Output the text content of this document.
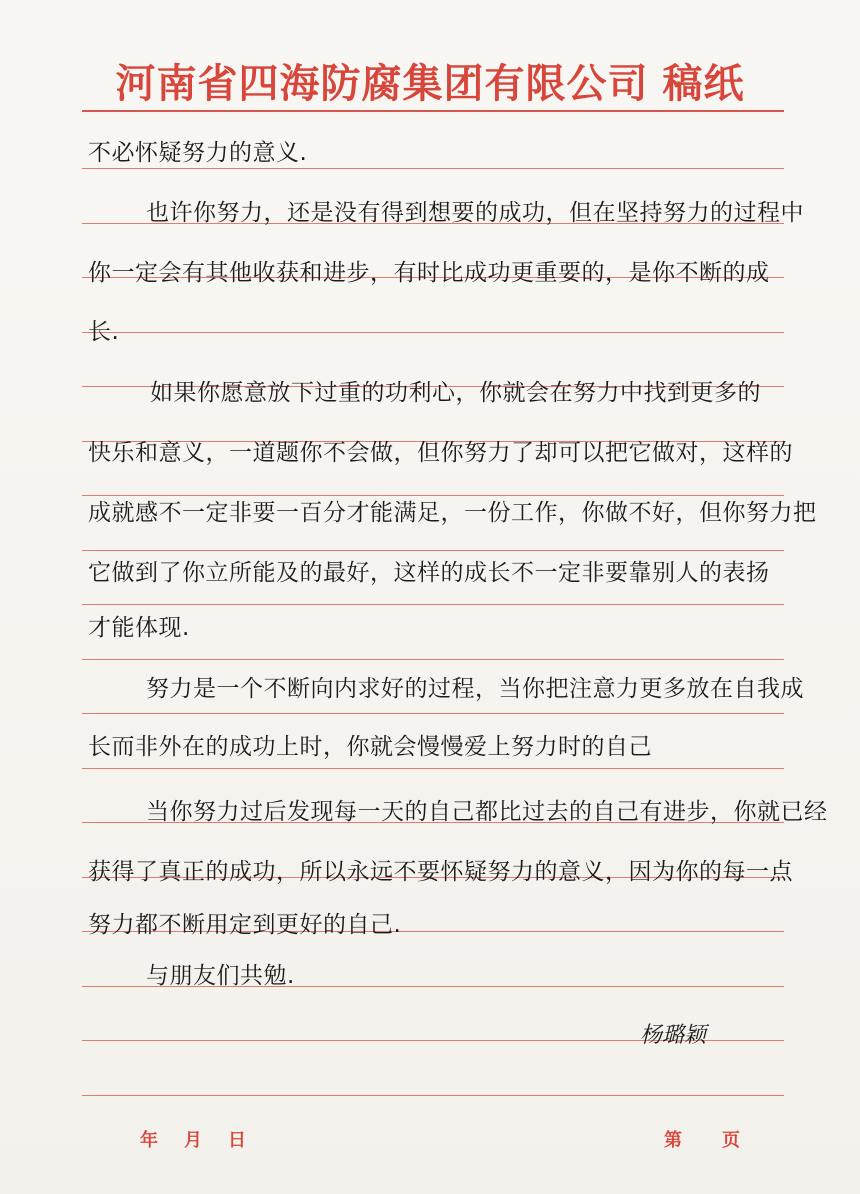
河南省四海防腐集团有限公司 稿纸
不必怀疑努力的意义.
也许你努力，还是没有得到想要的成功，但在坚持努力的过程中
你一定会有其他收获和进步，有时比成功更重要的，是你不断的成
长.
如果你愿意放下过重的功利心，你就会在努力中找到更多的
快乐和意义，一道题你不会做，但你努力了却可以把它做对，这样的
成就感不一定非要一百分才能满足，一份工作，你做不好，但你努力把
它做到了你立所能及的最好，这样的成长不一定非要靠别人的表扬
才能体现.
努力是一个不断向内求好的过程，当你把注意力更多放在自我成
长而非外在的成功上时，你就会慢慢爱上努力时的自己
当你努力过后发现每一天的自己都比过去的自己有进步，你就已经
获得了真正的成功，所以永远不要怀疑努力的意义，因为你的每一点
努力都不断用定到更好的自己.
与朋友们共勉.
杨璐颖
年 月 日	第 页
